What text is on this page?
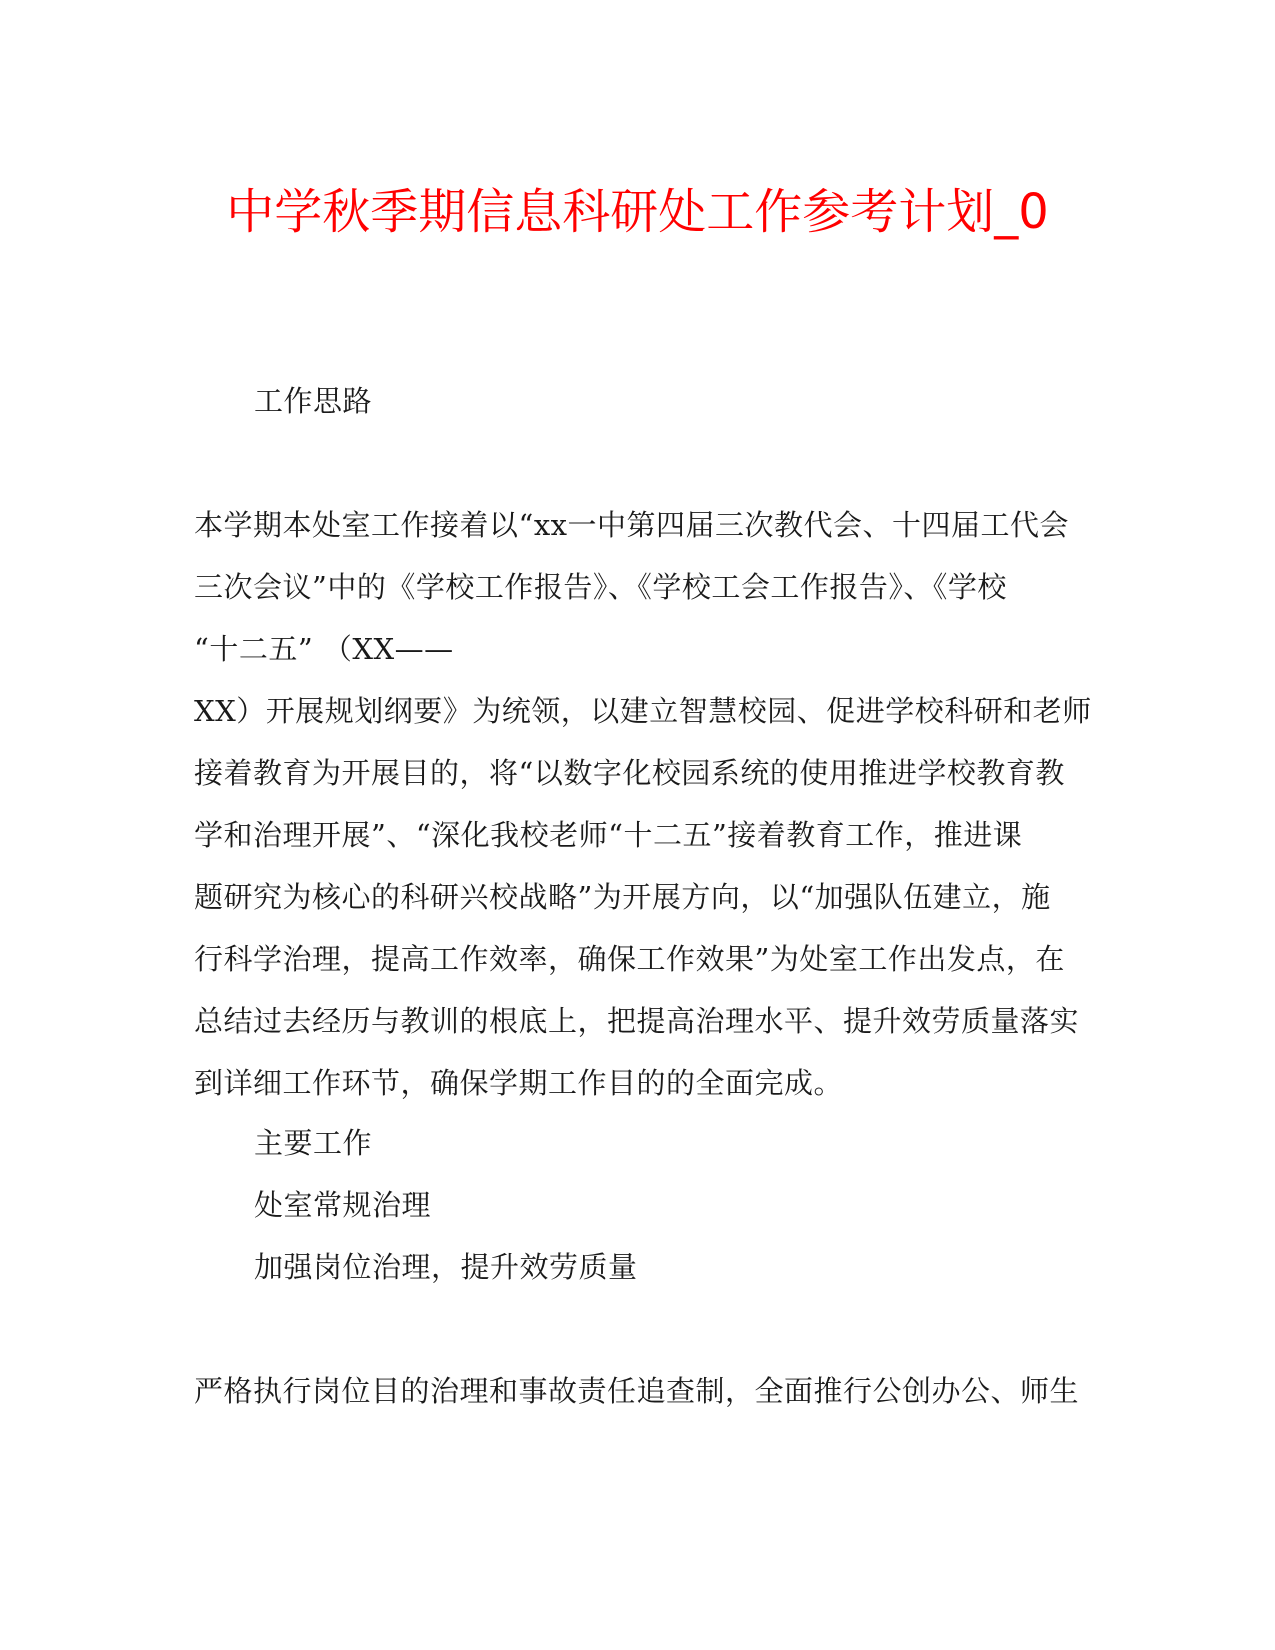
中学秋季期信息科研处工作参考计划_0
工作思路
本学期本处室工作接着以“xx一中第四届三次教代会、十四届工代会
三次会议”中的《学校工作报告》、《学校工会工作报告》、《学校
“十二五” （XX——
XX）开展规划纲要》为统领，以建立智慧校园、促进学校科研和老师
接着教育为开展目的，将“以数字化校园系统的使用推进学校教育教
学和治理开展”、“深化我校老师“十二五”接着教育工作，推进课
题研究为核心的科研兴校战略”为开展方向，以“加强队伍建立，施
行科学治理，提高工作效率，确保工作效果”为处室工作出发点，在
总结过去经历与教训的根底上，把提高治理水平、提升效劳质量落实
到详细工作环节，确保学期工作目的的全面完成。
主要工作
处室常规治理
加强岗位治理，提升效劳质量
严格执行岗位目的治理和事故责任追查制，全面推行公创办公、师生
